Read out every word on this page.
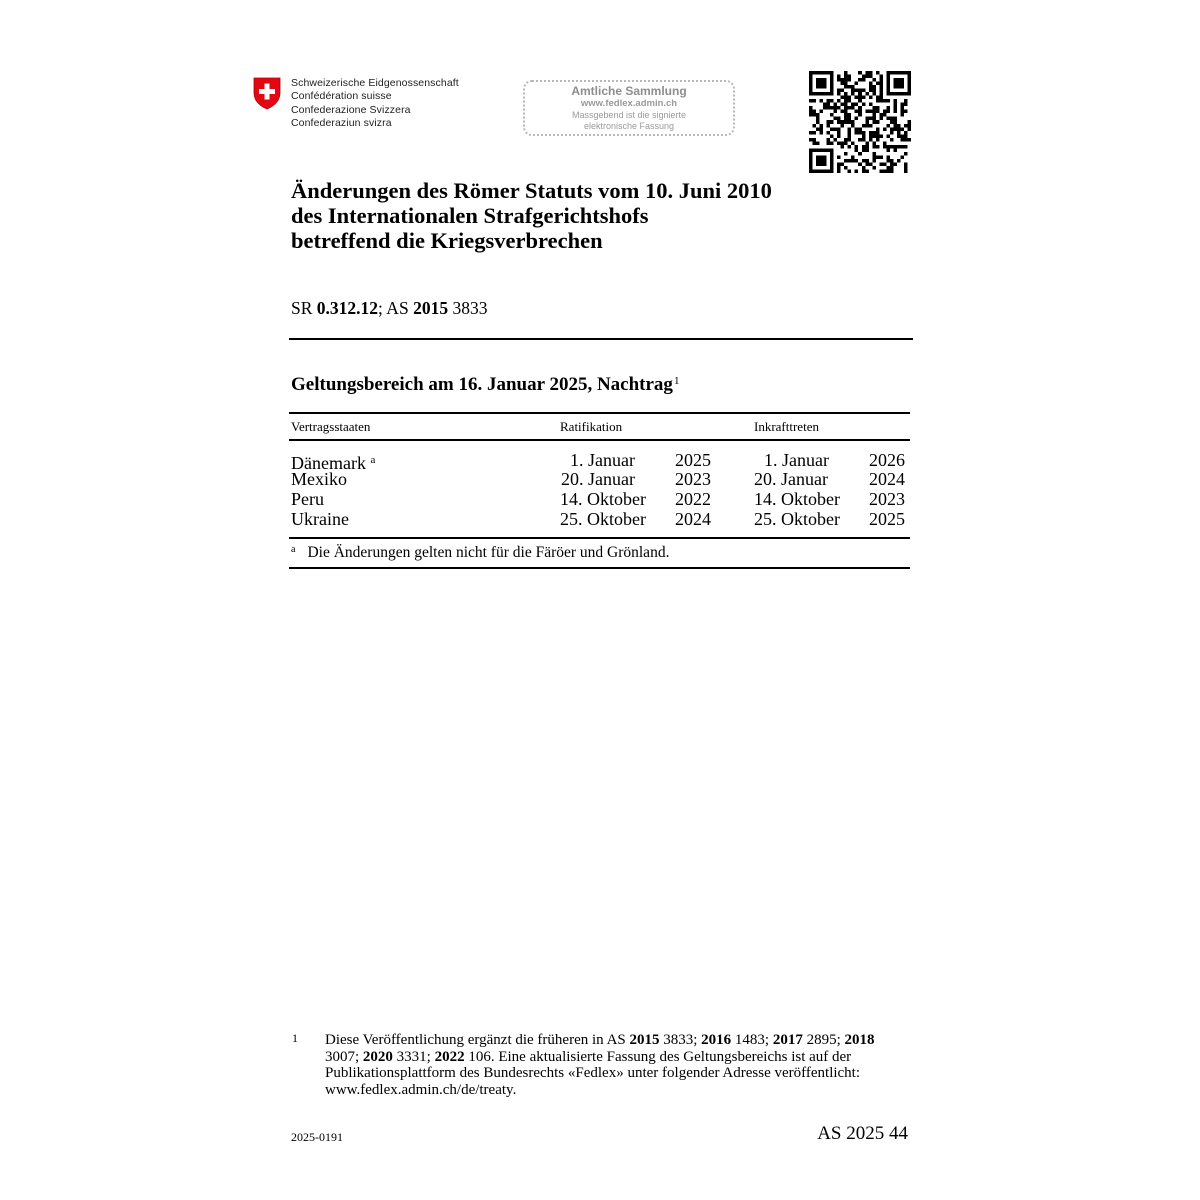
Schweizerische Eidgenossenschaft
Confédération suisse
Confederazione Svizzera
Confederaziun svizra
Amtliche Sammlung
www.fedlex.admin.ch
Massgebend ist die signierte
elektronische Fassung
Änderungen des Römer Statuts vom 10. Juni 2010
des Internationalen Strafgerichtshofs
betreffend die Kriegsverbrechen
SR 0.312.12; AS 2015 3833
Geltungsbereich am 16. Januar 2025, Nachtrag$^1$
Vertragsstaaten	Ratifikation	Inkrafttreten
Dänemark $^a$	1. Januar	2025	1. Januar	2026
Mexiko	20. Januar	2023 20. Januar	2024
Peru	14. Oktober	2022 14. Oktober	2023
Ukraine	25. Oktober	2024 25. Oktober	2025
$^a$ Die Änderungen gelten nicht für die Färöer und Grönland.
1 Diese Veröffentlichung ergänzt die früheren in AS 2015 3833; 2016 1483; 2017 2895; 2018 3007; 2020 3331; 2022 106. Eine aktualisierte Fassung des Geltungsbereichs ist auf der Publikationsplattform des Bundesrechts «Fedlex» unter folgender Adresse veröffentlicht: www.fedlex.admin.ch/de/treaty.
2025-0191	AS 2025 44
